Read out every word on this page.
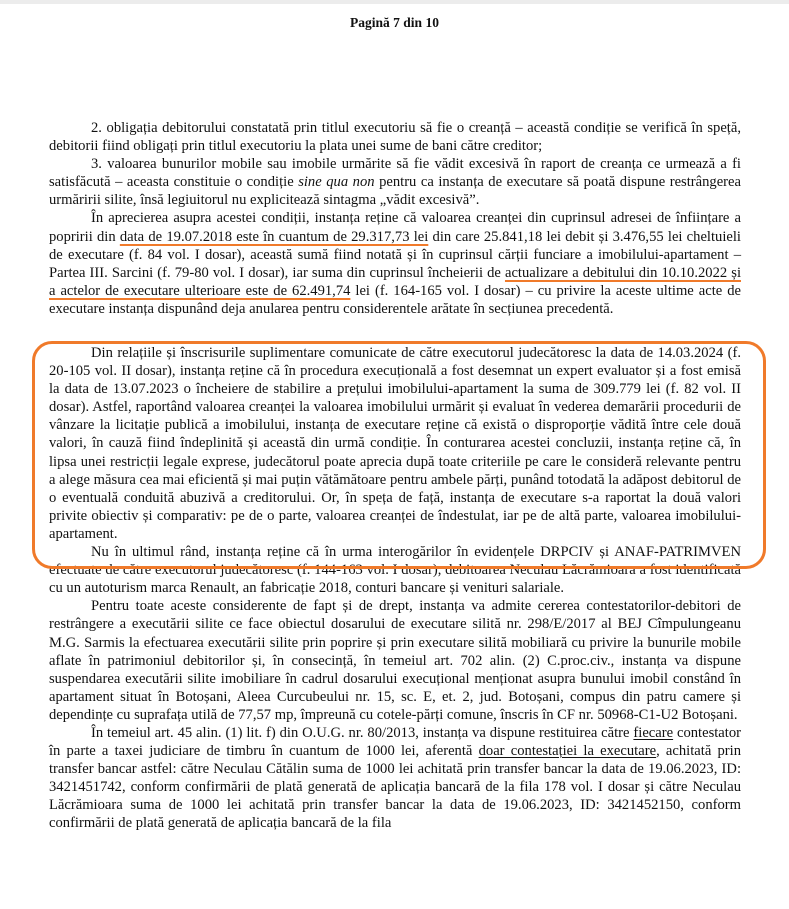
Pagină 7 din 10

2. obligația debitorului constatată prin titlul executoriu să fie o creanță – această condiție se verifică în speță, debitorii fiind obligați prin titlul executoriu la plata unei sume de bani către creditor;

3. valoarea bunurilor mobile sau imobile urmărite să fie vădit excesivă în raport de creanța ce urmează a fi satisfăcută – aceasta constituie o condiție sine qua non pentru ca instanța de executare să poată dispune restrângerea urmăririi silite, însă legiuitorul nu explicitează sintagma „vădit excesivă”.

În aprecierea asupra acestei condiții, instanța reține că valoarea creanței din cuprinsul adresei de înființare a popririi din data de 19.07.2018 este în cuantum de 29.317,73 lei din care 25.841,18 lei debit și 3.476,55 lei cheltuieli de executare (f. 84 vol. I dosar), această sumă fiind notată și în cuprinsul cărții funciare a imobilului-apartament – Partea III. Sarcini (f. 79-80 vol. I dosar), iar suma din cuprinsul încheierii de actualizare a debitului din 10.10.2022 și a actelor de executare ulterioare este de 62.491,74 lei (f. 164-165 vol. I dosar) – cu privire la aceste ultime acte de executare instanța dispunând deja anularea pentru considerentele arătate în secțiunea precedentă.

Din relațiile și înscrisurile suplimentare comunicate de către executorul judecătoresc la data de 14.03.2024 (f. 20-105 vol. II dosar), instanța reține că în procedura execuțională a fost desemnat un expert evaluator și a fost emisă la data de 13.07.2023 o încheiere de stabilire a prețului imobilului-apartament la suma de 309.779 lei (f. 82 vol. II dosar). Astfel, raportând valoarea creanței la valoarea imobilului urmărit și evaluat în vederea demarării procedurii de vânzare la licitație publică a imobilului, instanța de executare reține că există o disproporție vădită între cele două valori, în cauză fiind îndeplinită și această din urmă condiție. În conturarea acestei concluzii, instanța reține că, în lipsa unei restricții legale exprese, judecătorul poate aprecia după toate criteriile pe care le consideră relevante pentru a alege măsura cea mai eficientă și mai puțin vătămătoare pentru ambele părți, punând totodată la adăpost debitorul de o eventuală conduită abuzivă a creditorului. Or, în speța de față, instanța de executare s-a raportat la două valori privite obiectiv și comparativ: pe de o parte, valoarea creanței de îndestulat, iar pe de altă parte, valoarea imobilului-apartament.

Nu în ultimul rând, instanța reține că în urma interogărilor în evidențele DRPCIV și ANAF-PATRIMVEN efectuate de către executorul judecătoresc (f. 144-163 vol. I dosar), debitoarea Neculau Lăcrămioara a fost identificată cu un autoturism marca Renault, an fabricație 2018, conturi bancare și venituri salariale.

Pentru toate aceste considerente de fapt și de drept, instanța va admite cererea contestatorilor-debitori de restrângere a executării silite ce face obiectul dosarului de executare silită nr. 298/E/2017 al BEJ Cîmpulungeanu M.G. Sarmis la efectuarea executării silite prin poprire și prin executare silită mobiliară cu privire la bunurile mobile aflate în patrimoniul debitorilor și, în consecință, în temeiul art. 702 alin. (2) C.proc.civ., instanța va dispune suspendarea executării silite imobiliare în cadrul dosarului execuțional menționat asupra bunului imobil constând în apartament situat în Botoșani, Aleea Curcubeului nr. 15, sc. E, et. 2, jud. Botoșani, compus din patru camere și dependințe cu suprafața utilă de 77,57 mp, împreună cu cotele-părți comune, înscris în CF nr. 50968-C1-U2 Botoșani.

În temeiul art. 45 alin. (1) lit. f) din O.U.G. nr. 80/2013, instanța va dispune restituirea către fiecare contestator în parte a taxei judiciare de timbru în cuantum de 1000 lei, aferentă doar contestației la executare, achitată prin transfer bancar astfel: către Neculau Cătălin suma de 1000 lei achitată prin transfer bancar la data de 19.06.2023, ID: 3421451742, conform confirmării de plată generată de aplicația bancară de la fila 178 vol. I dosar și către Neculau Lăcrămioara suma de 1000 lei achitată prin transfer bancar la data de 19.06.2023, ID: 3421452150, conform confirmării de plată generată de aplicația bancară de la fila
